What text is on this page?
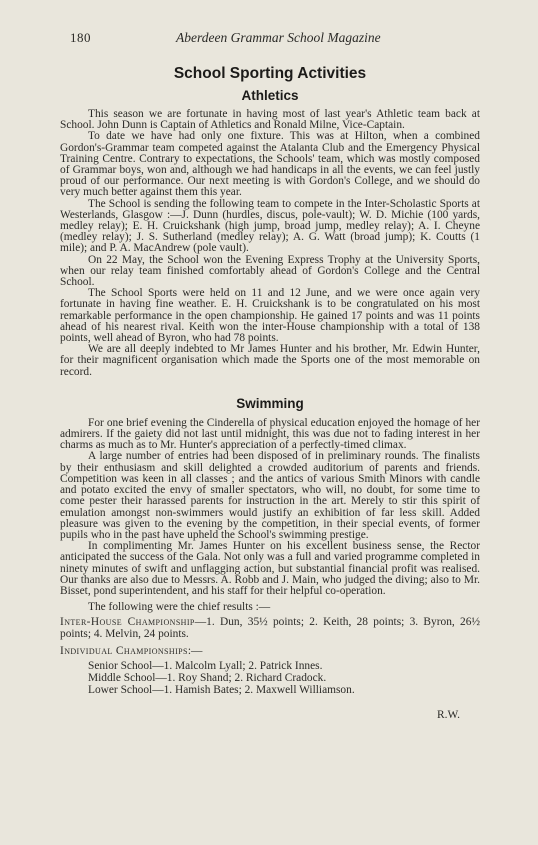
180	Aberdeen Grammar School Magazine
School Sporting Activities
Athletics

This season we are fortunate in having most of last year's Athletic team back at School. John Dunn is Captain of Athletics and Ronald Milne, Vice-Captain.

To date we have had only one fixture. This was at Hilton, when a combined Gordon's-Grammar team competed against the Atalanta Club and the Emergency Physical Training Centre. Contrary to expectations, the Schools' team, which was mostly composed of Grammar boys, won and, although we had handicaps in all the events, we can feel justly proud of our performance. Our next meeting is with Gordon's College, and we should do very much better against them this year.

The School is sending the following team to compete in the Inter-Scholastic Sports at Westerlands, Glasgow :—J. Dunn (hurdles, discus, pole-vault); W. D. Michie (100 yards, medley relay); E. H. Cruickshank (high jump, broad jump, medley relay); A. I. Cheyne (medley relay); J. S. Sutherland (medley relay); A. G. Watt (broad jump); K. Coutts (1 mile); and P. A. MacAndrew (pole vault).

On 22 May, the School won the Evening Express Trophy at the University Sports, when our relay team finished comfortably ahead of Gordon's College and the Central School.

The School Sports were held on 11 and 12 June, and we were once again very fortunate in having fine weather. E. H. Cruickshank is to be congratulated on his most remarkable performance in the open championship. He gained 17 points and was 11 points ahead of his nearest rival. Keith won the inter-House championship with a total of 138 points, well ahead of Byron, who had 78 points.

We are all deeply indebted to Mr James Hunter and his brother, Mr. Edwin Hunter, for their magnificent organisation which made the Sports one of the most memorable on record.

Swimming

For one brief evening the Cinderella of physical education enjoyed the homage of her admirers. If the gaiety did not last until midnight, this was due not to fading interest in her charms as much as to Mr. Hunter's appreciation of a perfectly-timed climax.

A large number of entries had been disposed of in preliminary rounds. The finalists by their enthusiasm and skill delighted a crowded auditorium of parents and friends. Competition was keen in all classes ; and the antics of various Smith Minors with candle and potato excited the envy of smaller spectators, who will, no doubt, for some time to come pester their harassed parents for instruction in the art. Merely to stir this spirit of emulation amongst non-swimmers would justify an exhibition of far less skill. Added pleasure was given to the evening by the competition, in their special events, of former pupils who in the past have upheld the School's swimming prestige.

In complimenting Mr. James Hunter on his excellent business sense, the Rector anticipated the success of the Gala. Not only was a full and varied programme completed in ninety minutes of swift and unflagging action, but substantial financial profit was realised. Our thanks are also due to Messrs. A. Robb and J. Main, who judged the diving; also to Mr. Bisset, pond superintendent, and his staff for their helpful co-operation.

The following were the chief results :—

Inter-House Championship—1. Dun, 35½ points; 2. Keith, 28 points; 3. Byron, 26½ points; 4. Melvin, 24 points.

Individual Championships:—

Senior School—1. Malcolm Lyall; 2. Patrick Innes.
Middle School—1. Roy Shand; 2. Richard Cradock.
Lower School—1. Hamish Bates; 2. Maxwell Williamson.
R.W.
